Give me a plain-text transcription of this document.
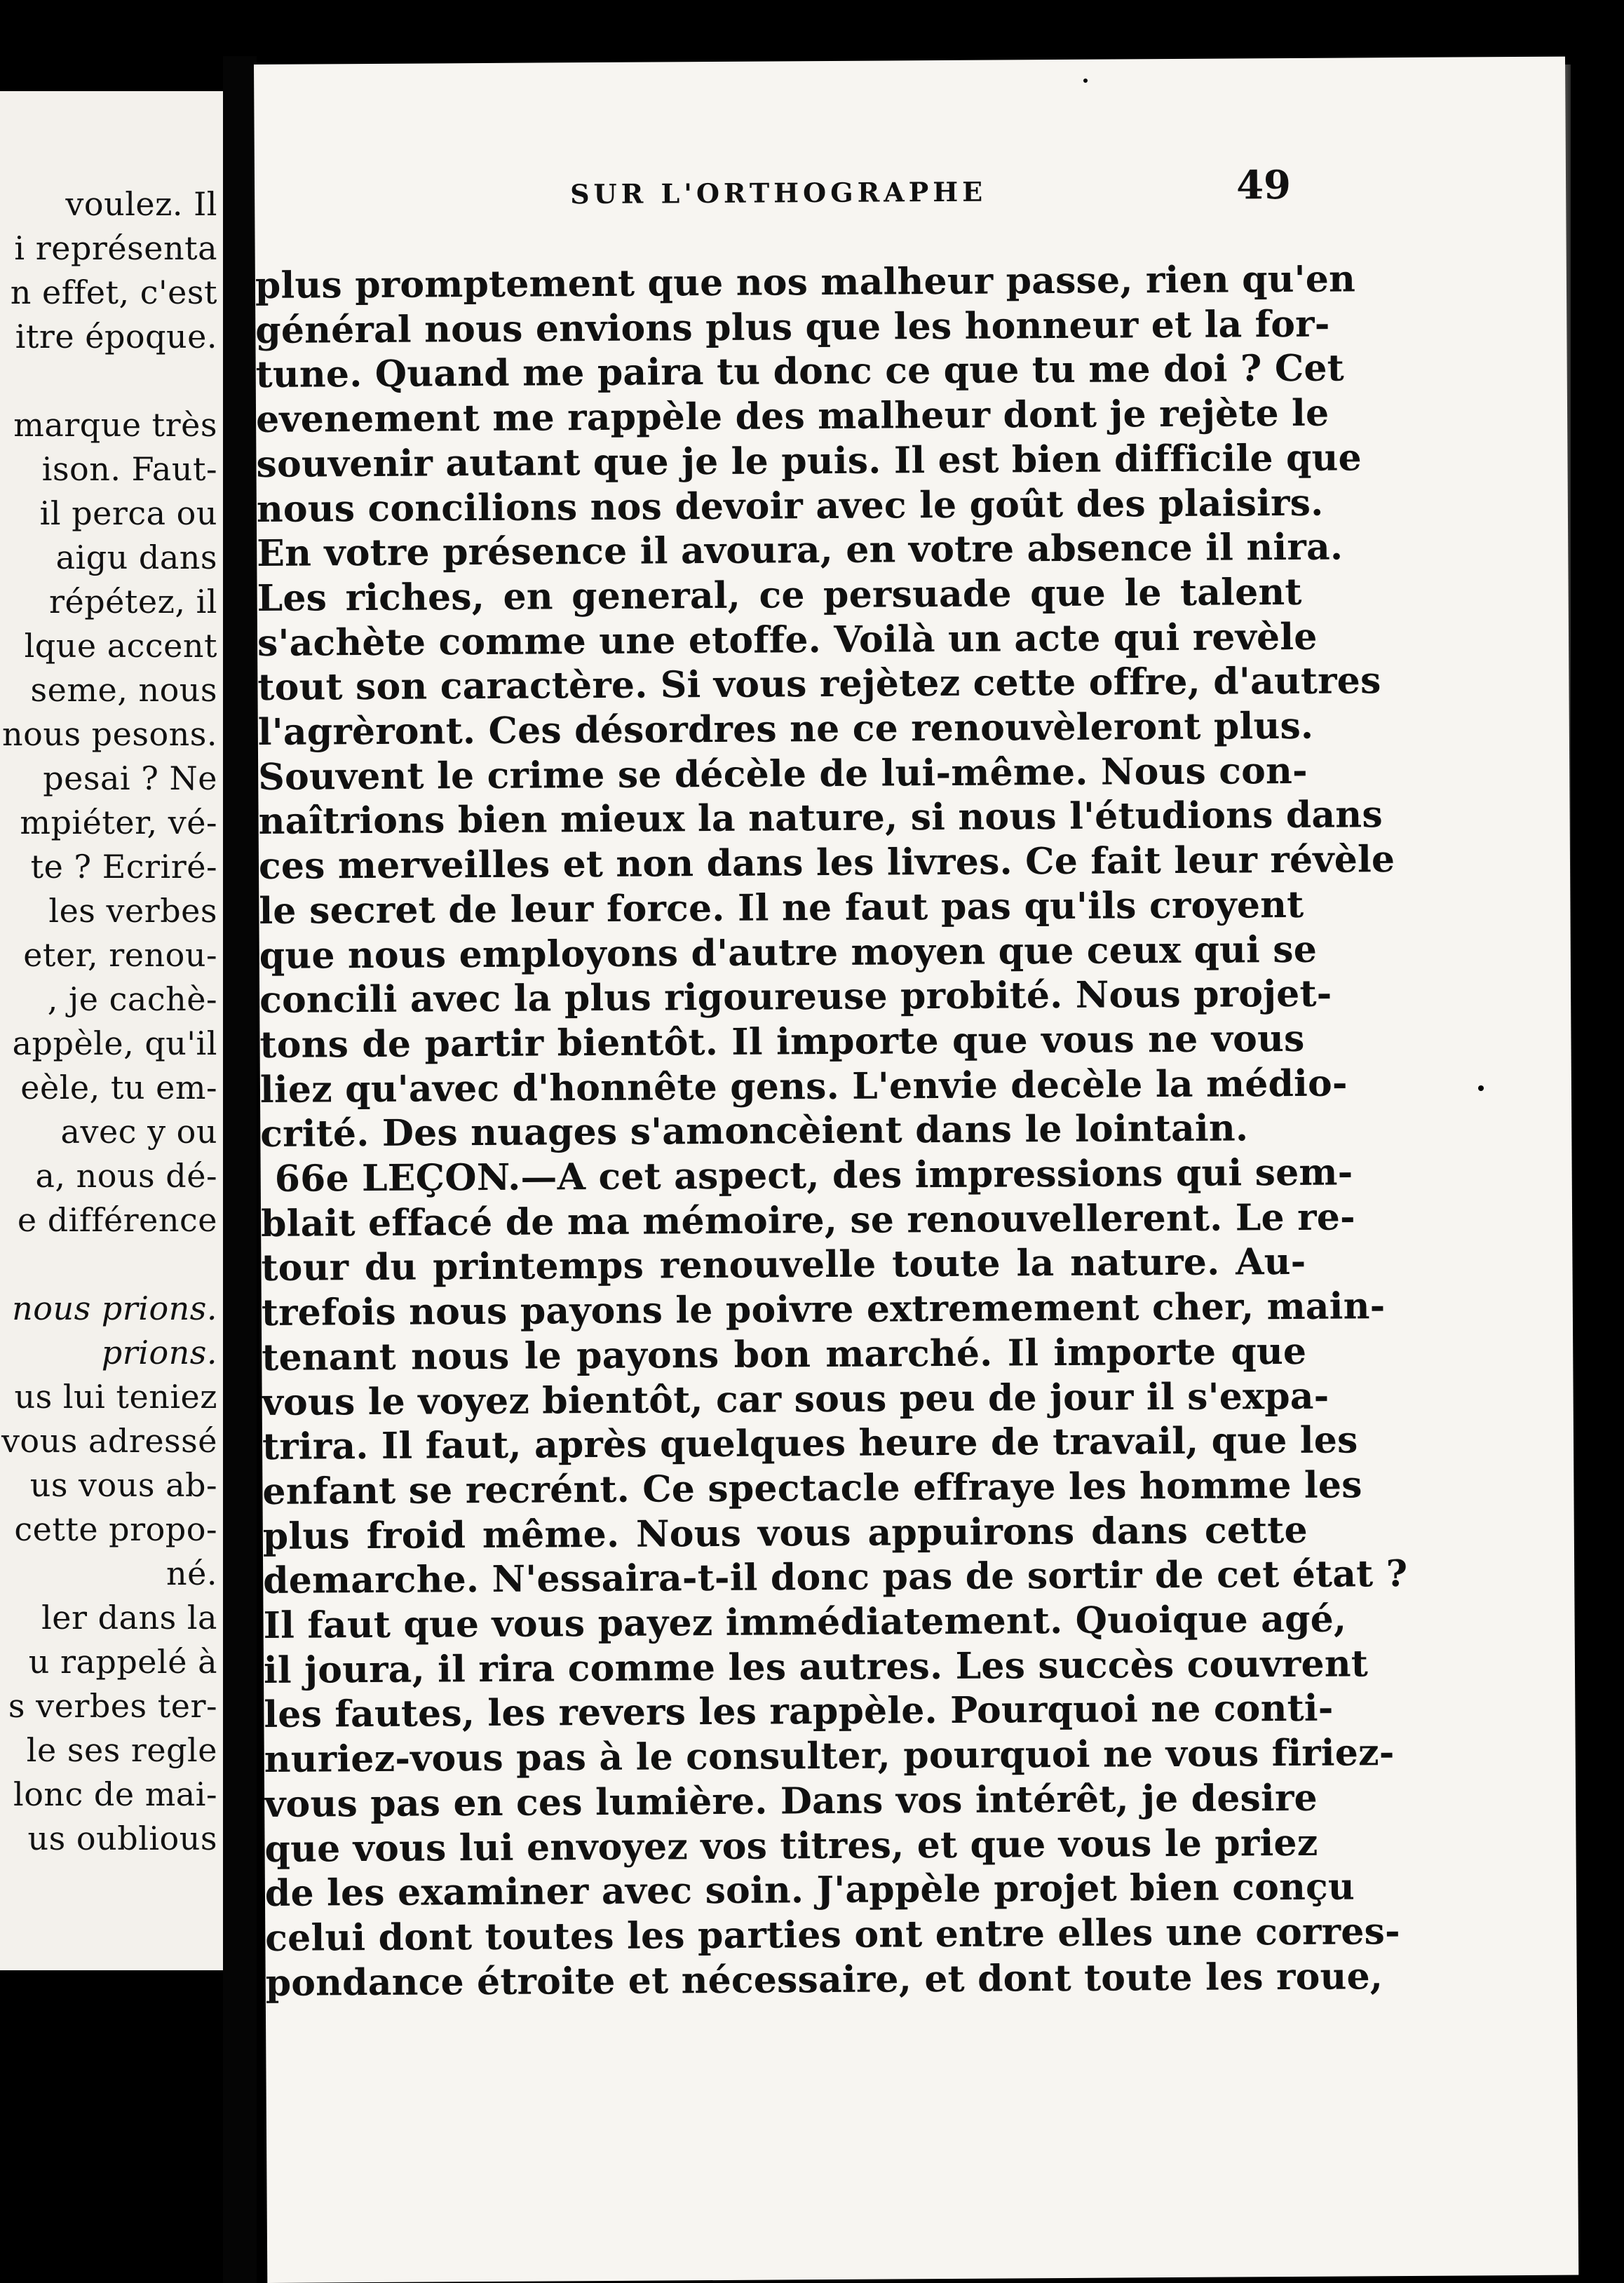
voulez. Il
i représenta
n effet, c'est
itre époque.
marque très
ison. Faut-
il perca ou
aigu dans
répétez, il
lque accent
seme, nous
nous pesons.
pesai ? Ne
mpiéter, vé-
te ? Ecriré-
les verbes
eter, renou-
, je cachè-
appèle, qu'il
eèle, tu em-
avec y ou
a, nous dé-
e différence
nous prions.
prions.
us lui teniez
vous adressé
us vous ab-
cette propo-
né.
ler dans la
u rappelé à
s verbes ter-
le ses regle
lonc de mai-
us oublious
SUR L'ORTHOGRAPHE	49
plus promptement que nos malheur passe, rien qu'en
général nous envions plus que les honneur et la for-
tune. Quand me paira tu donc ce que tu me doi ? Cet
evenement me rappèle des malheur dont je rejète le
souvenir autant que je le puis. Il est bien difficile que
nous concilions nos devoir avec le goût des plaisirs.
En votre présence il avoura, en votre absence il nira.
Les riches, en general, ce persuade que le talent
s'achète comme une etoffe. Voilà un acte qui revèle
tout son caractère. Si vous rejètez cette offre, d'autres
l'agrèront. Ces désordres ne ce renouvèleront plus.
Souvent le crime se décèle de lui-même. Nous con-
naîtrions bien mieux la nature, si nous l'étudions dans
ces merveilles et non dans les livres. Ce fait leur révèle
le secret de leur force. Il ne faut pas qu'ils croyent
que nous employons d'autre moyen que ceux qui se
concili avec la plus rigoureuse probité. Nous projet-
tons de partir bientôt. Il importe que vous ne vous
liez qu'avec d'honnête gens. L'envie decèle la médio-
crité. Des nuages s'amoncèient dans le lointain.
66e LEÇON.—A cet aspect, des impressions qui sem-
blait effacé de ma mémoire, se renouvellerent. Le re-
tour du printemps renouvelle toute la nature. Au-
trefois nous payons le poivre extremement cher, main-
tenant nous le payons bon marché. Il importe que
vous le voyez bientôt, car sous peu de jour il s'expa-
trira. Il faut, après quelques heure de travail, que les
enfant se recrént. Ce spectacle effraye les homme les
plus froid même. Nous vous appuirons dans cette
demarche. N'essaira-t-il donc pas de sortir de cet état ?
Il faut que vous payez immédiatement. Quoique agé,
il joura, il rira comme les autres. Les succès couvrent
les fautes, les revers les rappèle. Pourquoi ne conti-
nuriez-vous pas à le consulter, pourquoi ne vous firiez-
vous pas en ces lumière. Dans vos intérêt, je desire
que vous lui envoyez vos titres, et que vous le priez
de les examiner avec soin. J'appèle projet bien conçu
celui dont toutes les parties ont entre elles une corres-
pondance étroite et nécessaire, et dont toute les roue,
